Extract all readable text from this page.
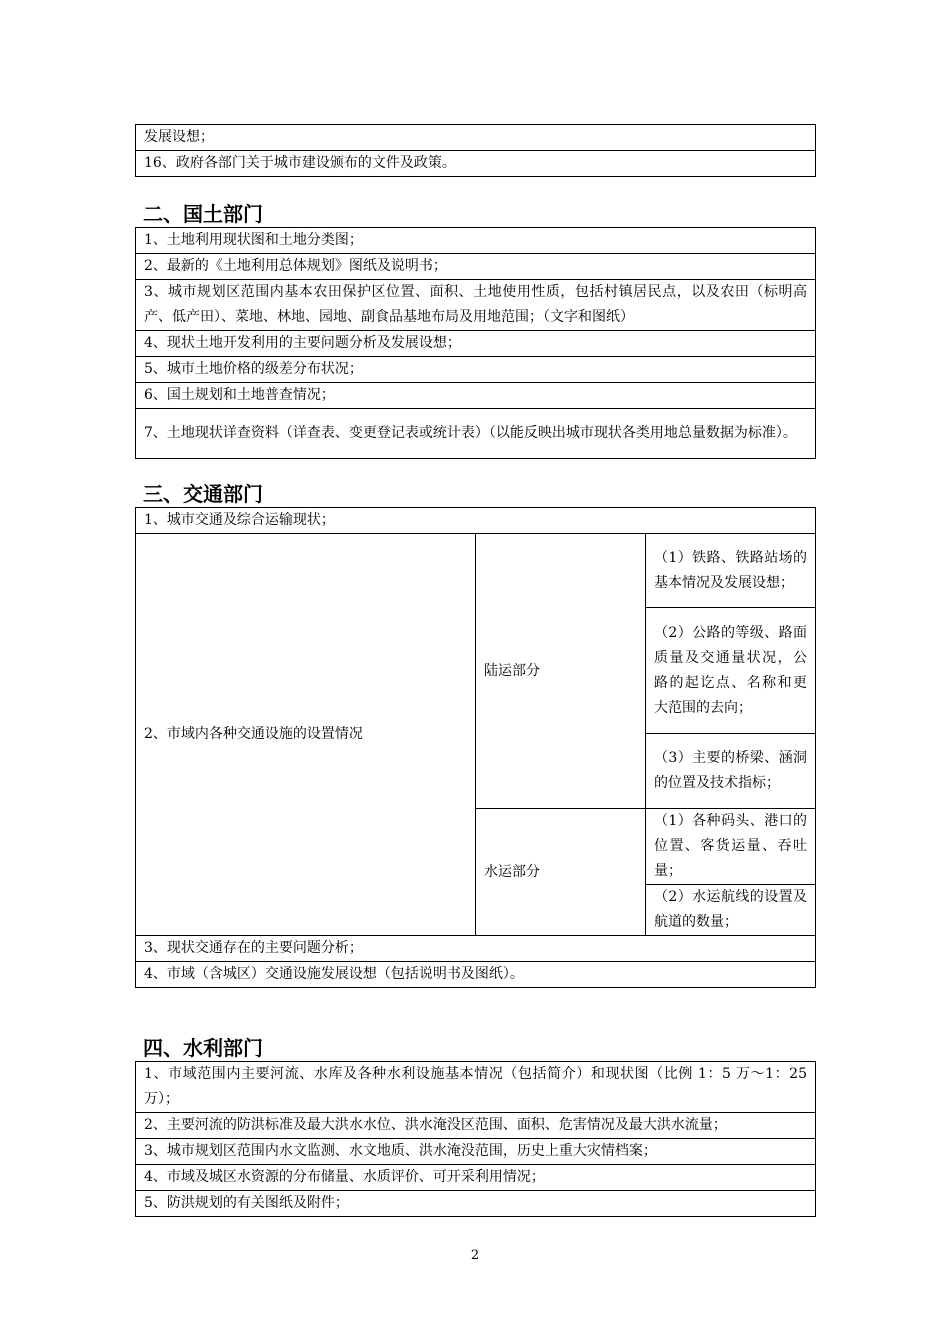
发展设想；
16、政府各部门关于城市建设颁布的文件及政策。
二、国土部门
1、土地利用现状图和土地分类图；
2、最新的《土地利用总体规划》图纸及说明书；
3、城市规划区范围内基本农田保护区位置、面积、土地使用性质，包括村镇居民点，以及农田（标明高产、低产田）、菜地、林地、园地、副食品基地布局及用地范围；（文字和图纸）
4、现状土地开发利用的主要问题分析及发展设想；
5、城市土地价格的级差分布状况；
6、国土规划和土地普查情况；
7、土地现状详查资料（详查表、变更登记表或统计表）（以能反映出城市现状各类用地总量数据为标准）。
三、交通部门
1、城市交通及综合运输现状；		
2、市域内各种交通设施的设置情况	陆运部分	（1）铁路、铁路站场的基本情况及发展设想；
		（2）公路的等级、路面质量及交通量状况，公路的起讫点、名称和更大范围的去向；
		（3）主要的桥梁、涵洞的位置及技术指标；
	水运部分	（1）各种码头、港口的位置、客货运量、吞吐量；
		（2）水运航线的设置及航道的数量；
3、现状交通存在的主要问题分析；		
4、市域（含城区）交通设施发展设想（包括说明书及图纸）。		
四、水利部门
1、市域范围内主要河流、水库及各种水利设施基本情况（包括简介）和现状图（比例 1：5 万～1：25 万）；
2、主要河流的防洪标准及最大洪水水位、洪水淹没区范围、面积、危害情况及最大洪水流量；
3、城市规划区范围内水文监测、水文地质、洪水淹没范围，历史上重大灾情档案；
4、市域及城区水资源的分布储量、水质评价、可开采利用情况；
5、防洪规划的有关图纸及附件；
2
